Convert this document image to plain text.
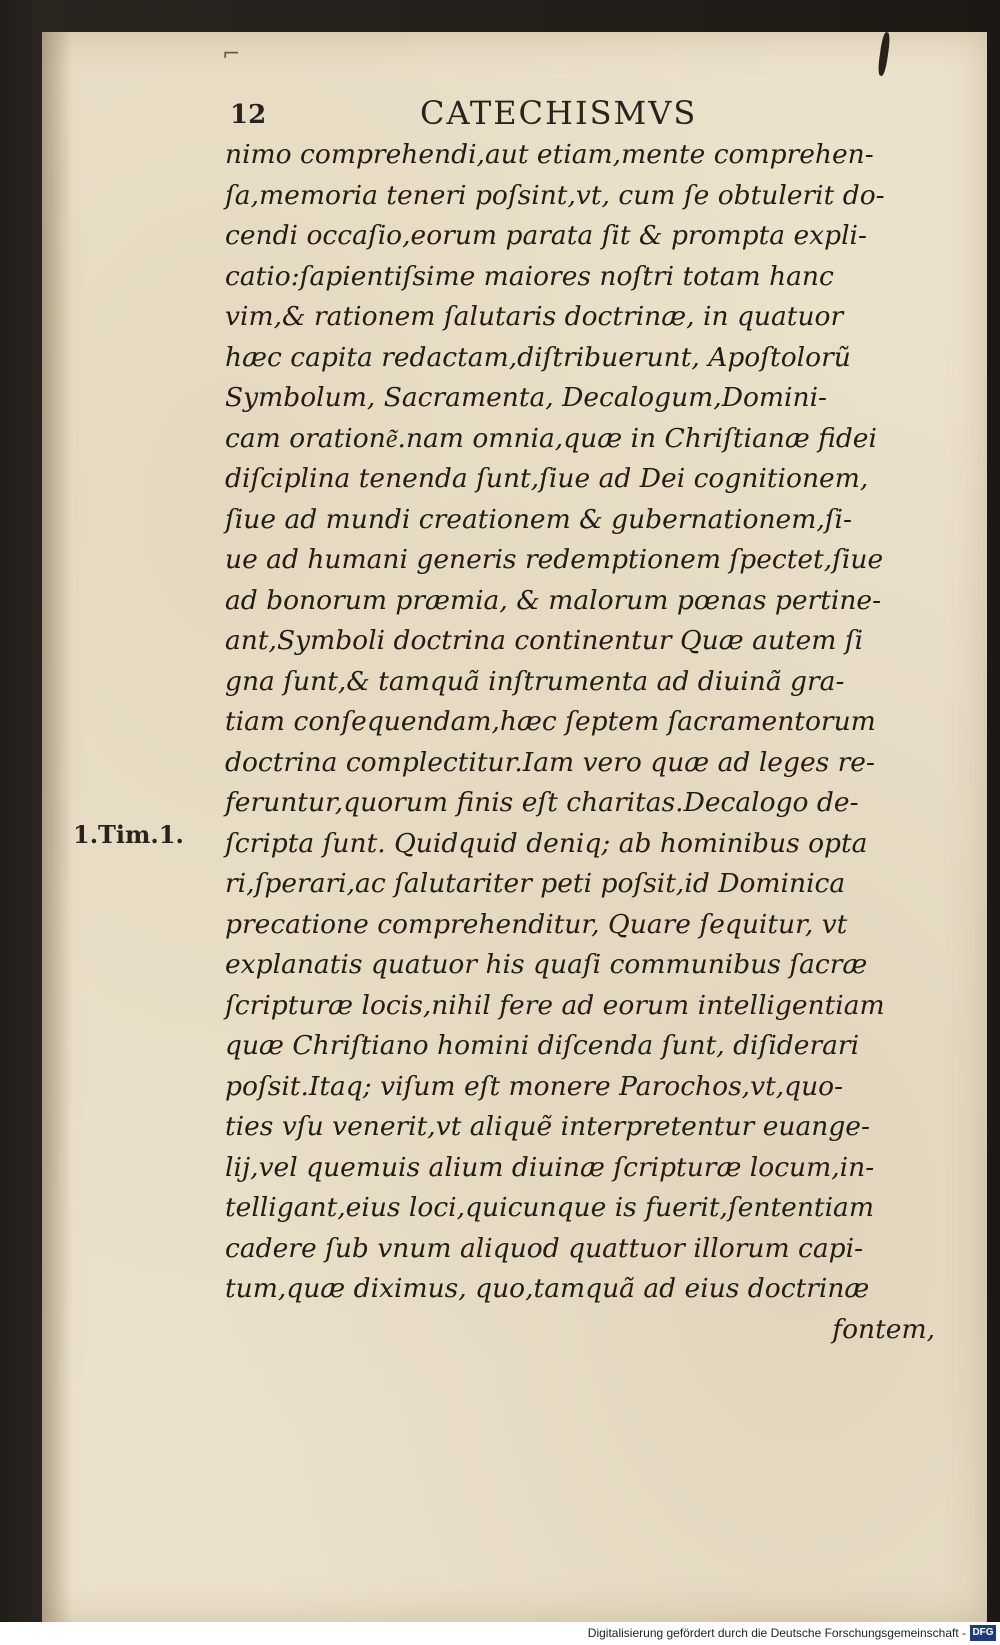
⌐
12	CATECHISMVS
1.Tim.1.
nimo comprehendi,aut etiam,mente comprehen-
ſa,memoria teneri poſsint,vt, cum ſe obtulerit do-
cendi occaſio,eorum parata ſit & prompta expli-
catio:ſapientiſsime maiores noſtri totam hanc
vim,& rationem ſalutaris doctrinæ, in quatuor
hæc capita redactam,diſtribuerunt, Apoſtolorũ
Symbolum, Sacramenta, Decalogum,Domini-
cam oratione͂.nam omnia,quæ in Chriſtianæ fidei
diſciplina tenenda ſunt,ſiue ad Dei cognitionem,
ſiue ad mundi creationem & gubernationem,ſi-
ue ad humani generis redemptionem ſpectet,ſiue
ad bonorum præmia, & malorum pœnas pertine-
ant,Symboli doctrina continentur Quæ autem ſi
gna ſunt,& tamquã inſtrumenta ad diuinã gra-
tiam conſequendam,hæc ſeptem ſacramentorum
doctrina complectitur.Iam vero quæ ad leges re-
feruntur,quorum finis eſt charitas.Decalogo de-
ſcripta ſunt. Quidquid deniq; ab hominibus opta
ri,ſperari,ac ſalutariter peti poſsit,id Dominica
precatione comprehenditur, Quare ſequitur, vt
explanatis quatuor his quaſi communibus ſacræ
ſcripturæ locis,nihil fere ad eorum intelligentiam
quæ Chriſtiano homini diſcenda ſunt, diſiderari
poſsit.Itaq; viſum eſt monere Parochos,vt,quo-
ties vſu venerit,vt aliquẽ interpretentur euange-
lij,vel quemuis alium diuinæ ſcripturæ locum,in-
telligant,eius loci,quicunque is fuerit,ſententiam
cadere ſub vnum aliquod quattuor illorum capi-
tum,quæ diximus, quo,tamquã ad eius doctrinæ
fontem,
Digitalisierung gefördert durch die Deutsche Forschungsgemeinschaft - DFG
